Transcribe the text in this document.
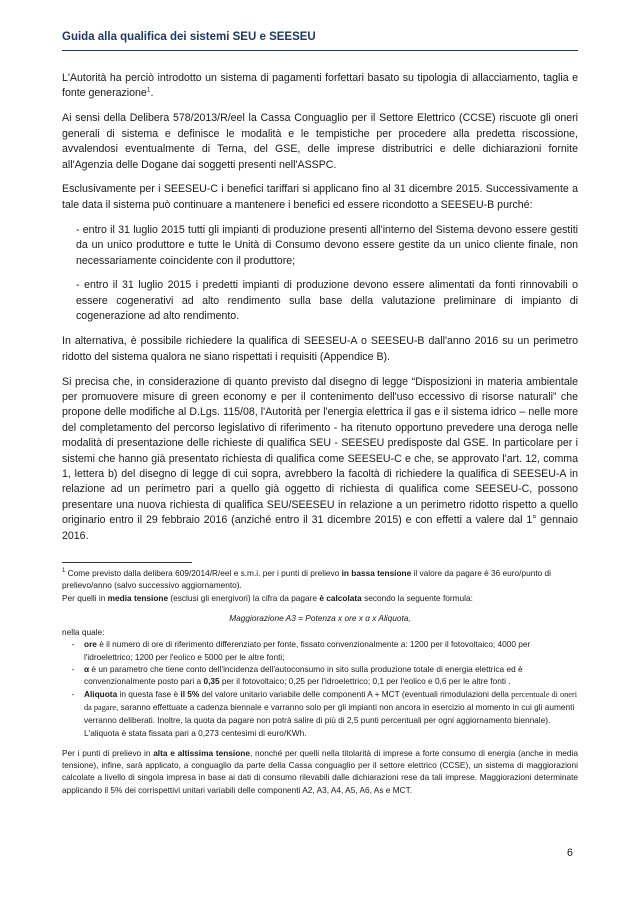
Guida alla qualifica dei sistemi SEU e SEESEU

L'Autorità ha perciò introdotto un sistema di pagamenti forfettari basato su tipologia di allacciamento, taglia e fonte generazione$^1$.

Ai sensi della Delibera 578/2013/R/eel la Cassa Conguaglio per il Settore Elettrico (CCSE) riscuote gli oneri generali di sistema e definisce le modalità e le tempistiche per procedere alla predetta riscossione, avvalendosi eventualmente di Terna, del GSE, delle imprese distributrici e delle dichiarazioni fornite all'Agenzia delle Dogane dai soggetti presenti nell'ASSPC.

Esclusivamente per i SEESEU-C i benefici tariffari si applicano fino al 31 dicembre 2015. Successivamente a tale data il sistema può continuare a mantenere i benefici ed essere ricondotto a SEESEU-B purché:

- entro il 31 luglio 2015 tutti gli impianti di produzione presenti all'interno del Sistema devono essere gestiti da un unico produttore e tutte le Unità di Consumo devono essere gestite da un unico cliente finale, non necessariamente coincidente con il produttore;

- entro il 31 luglio 2015 i predetti impianti di produzione devono essere alimentati da fonti rinnovabili o essere cogenerativi ad alto rendimento sulla base della valutazione preliminare di impianto di cogenerazione ad alto rendimento.

In alternativa, è possibile richiedere la qualifica di SEESEU-A o SEESEU-B dall'anno 2016 su un perimetro ridotto del sistema qualora ne siano rispettati i requisiti (Appendice B).

Si precisa che, in considerazione di quanto previsto dal disegno di legge “Disposizioni in materia ambientale per promuovere misure di green economy e per il contenimento dell'uso eccessivo di risorse naturali” che propone delle modifiche al D.Lgs. 115/08, l'Autorità per l'energia elettrica il gas e il sistema idrico – nelle more del completamento del percorso legislativo di riferimento - ha ritenuto opportuno prevedere una deroga nelle modalità di presentazione delle richieste di qualifica SEU - SEESEU predisposte dal GSE. In particolare per i sistemi che hanno già presentato richiesta di qualifica come SEESEU-C e che, se approvato l'art. 12, comma 1, lettera b) del disegno di legge di cui sopra, avrebbero la facoltà di richiedere la qualifica di SEESEU-A in relazione ad un perimetro pari a quello già oggetto di richiesta di qualifica come SEESEU-C, possono presentare una nuova richiesta di qualifica SEU/SEESEU in relazione a un perimetro ridotto rispetto a quello originario entro il 29 febbraio 2016 (anziché entro il 31 dicembre 2015) e con effetti a valere dal 1° gennaio 2016.

$^1$ Come previsto dalla delibera 609/2014/R/eel e s.m.i. per i punti di prelievo in bassa tensione il valore da pagare è 36 euro/punto di prelievo/anno (salvo successivo aggiornamento).

Per quelli in media tensione (esclusi gli energivori) la cifra da pagare è calcolata secondo la seguente formula:

Maggiorazione A3 = Potenza x ore x α x Aliquota,

nella quale:

-	ore è il numero di ore di riferimento differenziato per fonte, fissato convenzionalmente a: 1200 per il fotovoltaico; 4000 per l'idroelettrico; 1200 per l'eolico e 5000 per le altre fonti;
-	α è un parametro che tiene conto dell'incidenza dell'autoconsumo in sito sulla produzione totale di energia elettrica ed è convenzionalmente posto pari a 0,35 per il fotovoltaico; 0,25 per l'idroelettrico; 0,1 per l'eolico e 0,6 per le altre fonti .
-	Aliquota in questa fase è il 5% del valore unitario variabile delle componenti A + MCT (eventuali rimodulazioni della percentuale di oneri da pagare, saranno effettuate a cadenza biennale e varranno solo per gli impianti non ancora in esercizio al momento in cui gli aumenti verranno deliberati. Inoltre, la quota da pagare non potrà salire di più di 2,5 punti percentuali per ogni aggiornamento biennale). L'aliquota è stata fissata pari a 0,273 centesimi di euro/KWh.

Per i punti di prelievo in alta e altissima tensione, nonché per quelli nella titolarità di imprese a forte consumo di energia (anche in media tensione), infine, sarà applicato, a conguaglio da parte della Cassa conguaglio per il settore elettrico (CCSE), un sistema di maggiorazioni calcolate a livello di singola impresa in base ai dati di consumo rilevabili dalle dichiarazioni rese da tali imprese. Maggiorazioni determinate applicando il 5% dei corrispettivi unitari variabili delle componenti A2, A3, A4, A5, A6, As e MCT.

6
